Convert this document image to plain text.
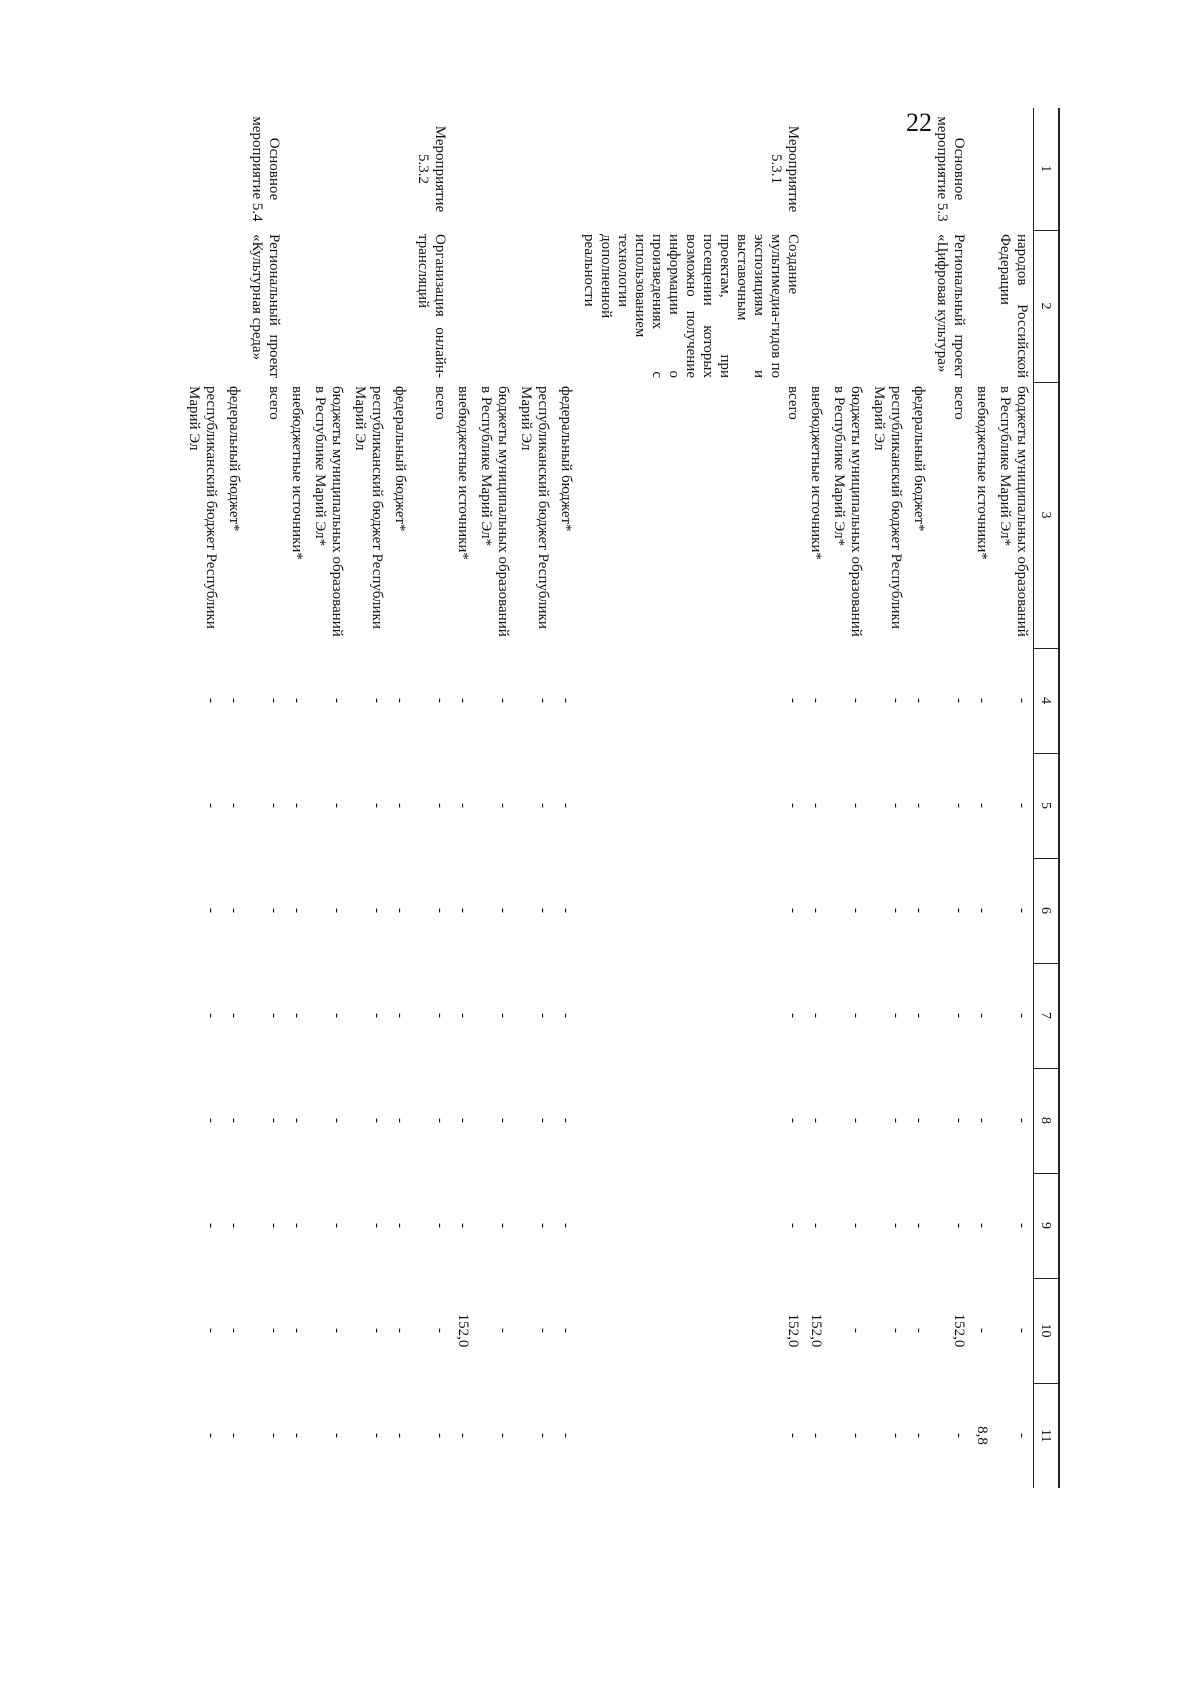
22
1	2	3	4	5	6	7	8	9	10	11
	народов Российской Федерации	бюджеты муниципальных образований в Республике Марий Эл*	-	-	-	-	-	-	-	-
		внебюджетные источники*	-	-	-	-	-	-	-	8,8
Основное мероприятие 5.3	Региональный проект «Цифровая культура»	всего	-	-	-	-	-	-	152,0	-
		федеральный бюджет*	-	-	-	-	-	-	-	-
		республиканский бюджет Республики Марий Эл	-	-	-	-	-	-	-	-
		бюджеты муниципальных образований в Республике Марий Эл*	-	-	-	-	-	-	-	-
		внебюджетные источники*	-	-	-	-	-	-	152,0	-
Мероприятие 5.3.1	Создание мультимедиа-гидов по экспозициям и выставочным проектам, при посещении которых возможно получение информации о произведениях с использованием технологии дополненной реальности	всего	-	-	-	-	-	-	152,0	-
		федеральный бюджет*	-	-	-	-	-	-	-	-
		республиканский бюджет Республики Марий Эл	-	-	-	-	-	-	-	-
		бюджеты муниципальных образований в Республике Марий Эл*	-	-	-	-	-	-	-	-
		внебюджетные источники*	-	-	-	-	-	-	152,0	-
Мероприятие 5.3.2	Организация онлайн-трансляций	всего	-	-	-	-	-	-	-	-
		федеральный бюджет*	-	-	-	-	-	-	-	-
		республиканский бюджет Республики Марий Эл	-	-	-	-	-	-	-	-
		бюджеты муниципальных образований в Республике Марий Эл*	-	-	-	-	-	-	-	-
		внебюджетные источники*	-	-	-	-	-	-	-	-
Основное мероприятие 5.4	Региональный проект «Культурная среда»	всего	-	-	-	-	-	-	-	-
		федеральный бюджет*	-	-	-	-	-	-	-	-
		республиканский бюджет Республики Марий Эл	-	-	-	-	-	-	-	-
